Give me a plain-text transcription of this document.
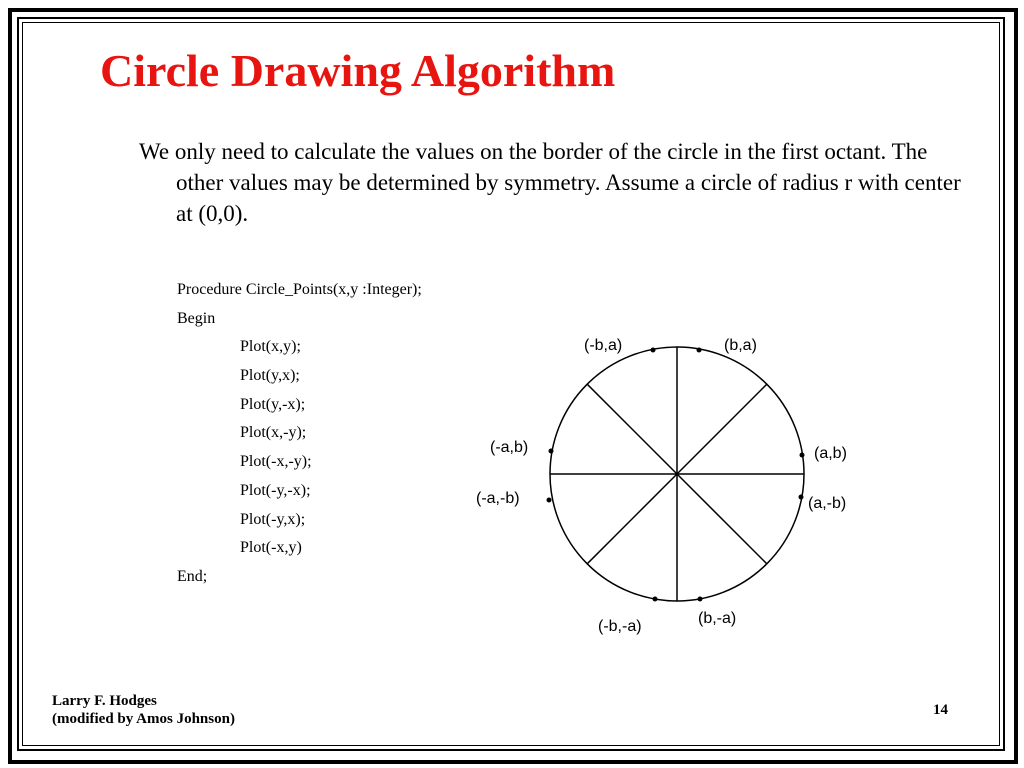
Circle Drawing Algorithm
We only need to calculate the values on the border of the circle in the first octant. The other values may be determined by symmetry. Assume a circle of radius r with center at (0,0).
Procedure Circle_Points(x,y :Integer);
Begin
Plot(x,y);
Plot(y,x);
Plot(y,-x);
Plot(x,-y);
Plot(-x,-y);
Plot(-y,-x);
Plot(-y,x);
Plot(-x,y)
End;
(-b,a)	(b,a)
(-a,b)	(a,b)
(-a,-b)	(a,-b)
(-b,-a)	(b,-a)
Larry F. Hodges
(modified by Amos Johnson)
14
